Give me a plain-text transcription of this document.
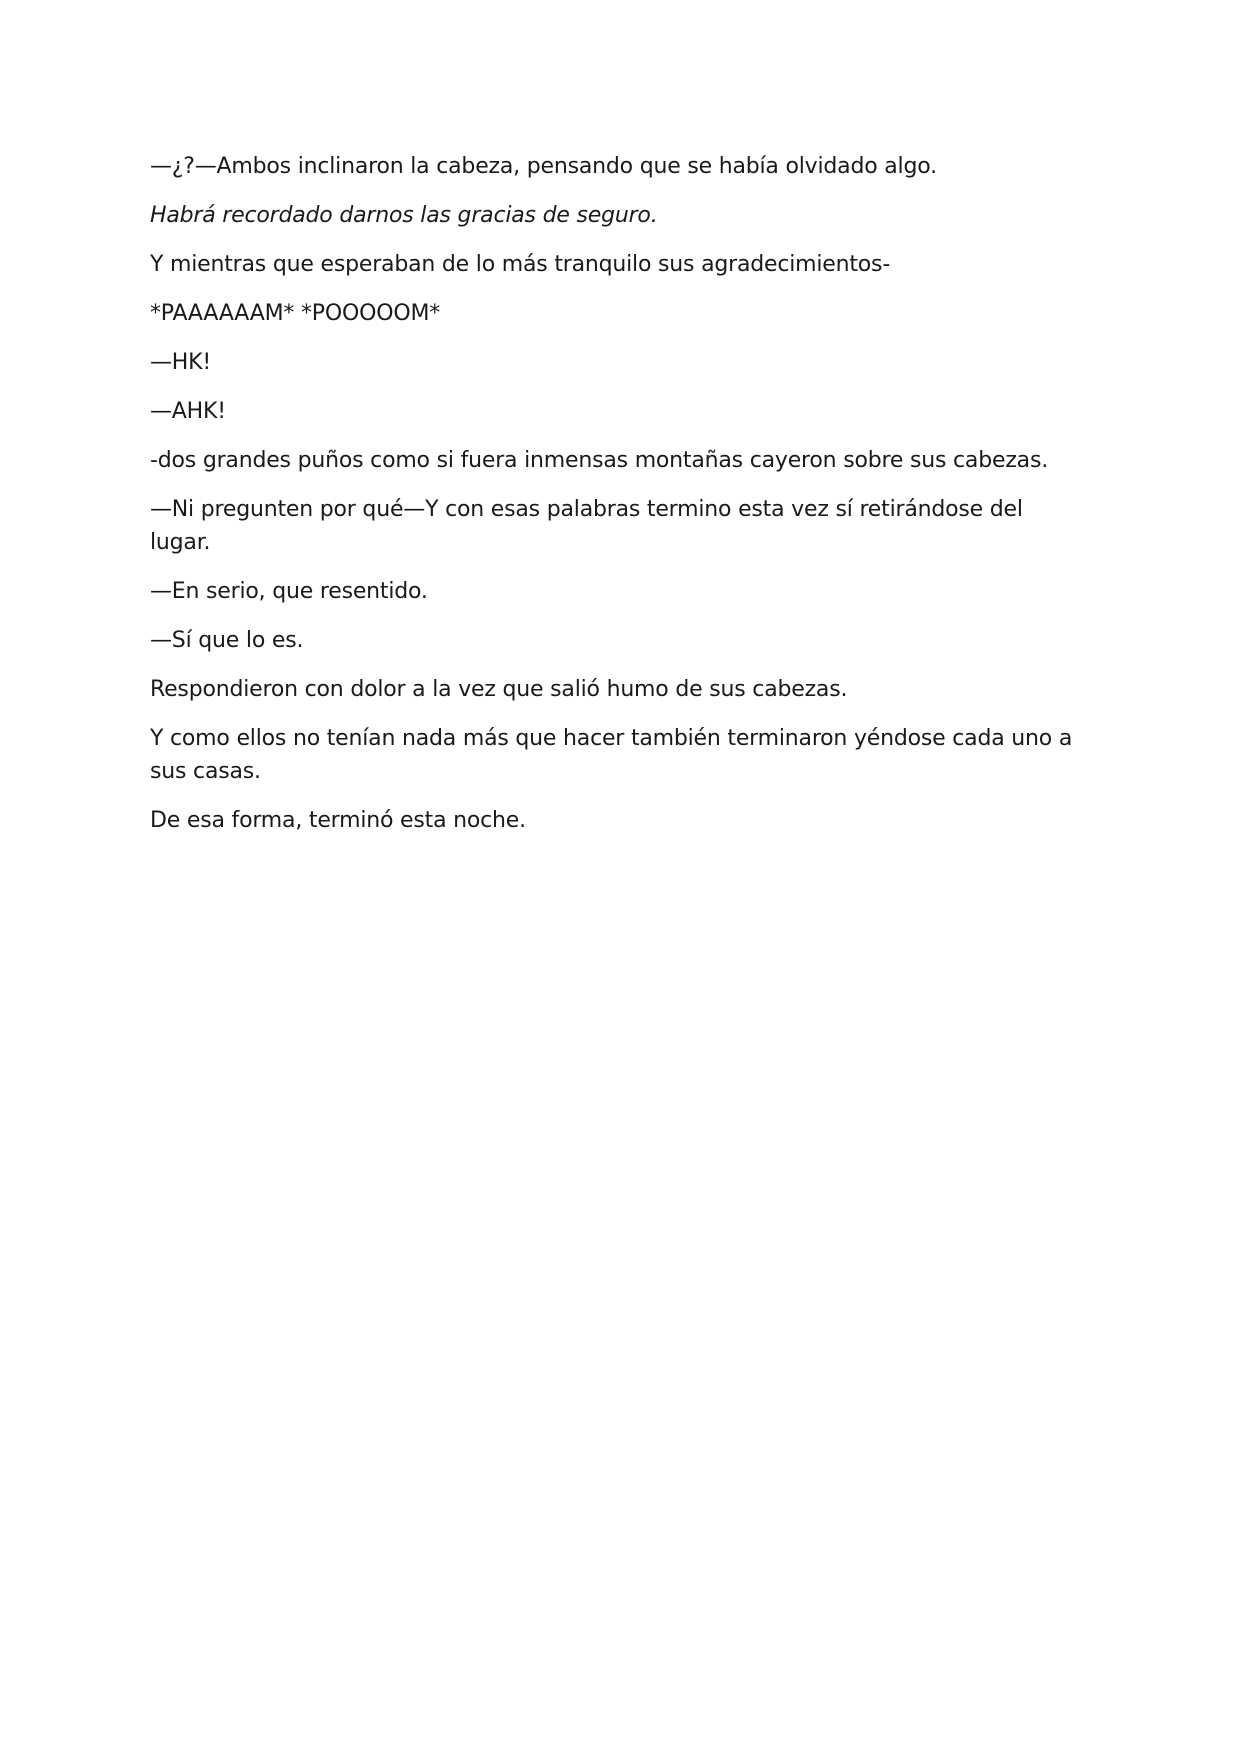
—¿?—Ambos inclinaron la cabeza, pensando que se había olvidado algo.

Habrá recordado darnos las gracias de seguro.

Y mientras que esperaban de lo más tranquilo sus agradecimientos-

*PAAAAAAM* *POOOOOM*

—HK!

—AHK!

-dos grandes puños como si fuera inmensas montañas cayeron sobre sus cabezas.

—Ni pregunten por qué—Y con esas palabras termino esta vez sí retirándose del lugar.

—En serio, que resentido.

—Sí que lo es.

Respondieron con dolor a la vez que salió humo de sus cabezas.

Y como ellos no tenían nada más que hacer también terminaron yéndose cada uno a sus casas.

De esa forma, terminó esta noche.
